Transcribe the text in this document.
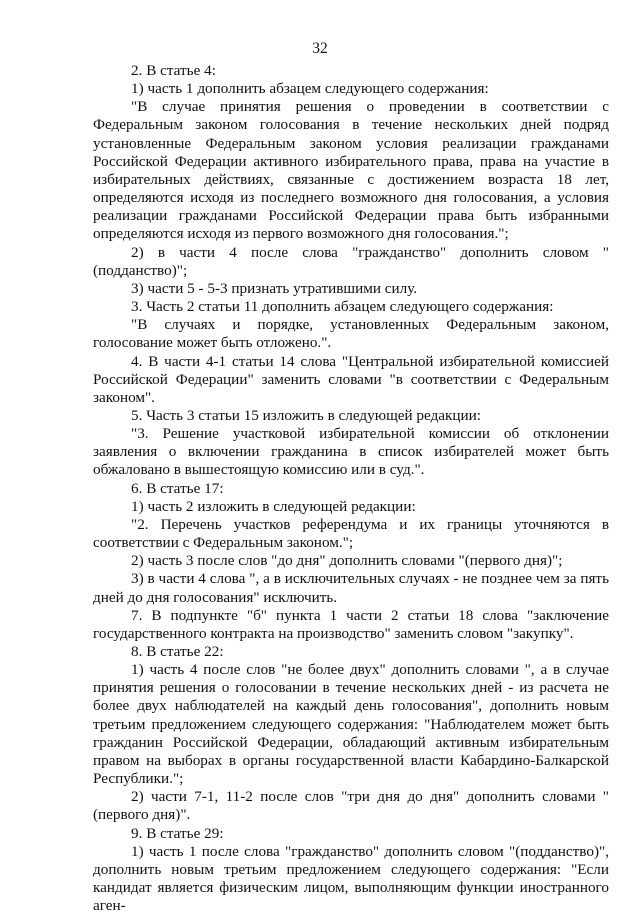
32

2. В статье 4:

1) часть 1 дополнить абзацем следующего содержания:

"В случае принятия решения о проведении в соответствии с Федеральным законом голосования в течение нескольких дней подряд установленные Федеральным законом условия реализации гражданами Российской Федерации активного избирательного права, права на участие в избирательных действиях, связанные с достижением возраста 18 лет, определяются исходя из последнего возможного дня голосования, а условия реализации гражданами Российской Федерации права быть избранными определяются исходя из первого возможного дня голосования.";

2) в части 4 после слова "гражданство" дополнить словом "(подданство)";

3) части 5 - 5-3 признать утратившими силу.

3. Часть 2 статьи 11 дополнить абзацем следующего содержания:

"В случаях и порядке, установленных Федеральным законом, голосование может быть отложено.".

4. В части 4-1 статьи 14 слова "Центральной избирательной комиссией Российской Федерации" заменить словами "в соответствии с Федеральным законом".

5. Часть 3 статьи 15 изложить в следующей редакции:

"3. Решение участковой избирательной комиссии об отклонении заявления о включении гражданина в список избирателей может быть обжаловано в вышестоящую комиссию или в суд.".

6. В статье 17:

1) часть 2 изложить в следующей редакции:

"2. Перечень участков референдума и их границы уточняются в соответствии с Федеральным законом.";

2) часть 3 после слов "до дня" дополнить словами "(первого дня)";

3) в части 4 слова ", а в исключительных случаях - не позднее чем за пять дней до дня голосования" исключить.

7. В подпункте "б" пункта 1 части 2 статьи 18 слова "заключение государственного контракта на производство" заменить словом "закупку".

8. В статье 22:

1) часть 4 после слов "не более двух" дополнить словами ", а в случае принятия решения о голосовании в течение нескольких дней - из расчета не более двух наблюдателей на каждый день голосования", дополнить новым третьим предложением следующего содержания: "Наблюдателем может быть гражданин Российской Федерации, обладающий активным избирательным правом на выборах в органы государственной власти Кабардино-Балкарской Республики.";

2) части 7-1, 11-2 после слов "три дня до дня" дополнить словами "(первого дня)".

9. В статье 29:

1) часть 1 после слова "гражданство" дополнить словом "(подданство)", дополнить новым третьим предложением следующего содержания: "Если кандидат является физическим лицом, выполняющим функции иностранного аген-
